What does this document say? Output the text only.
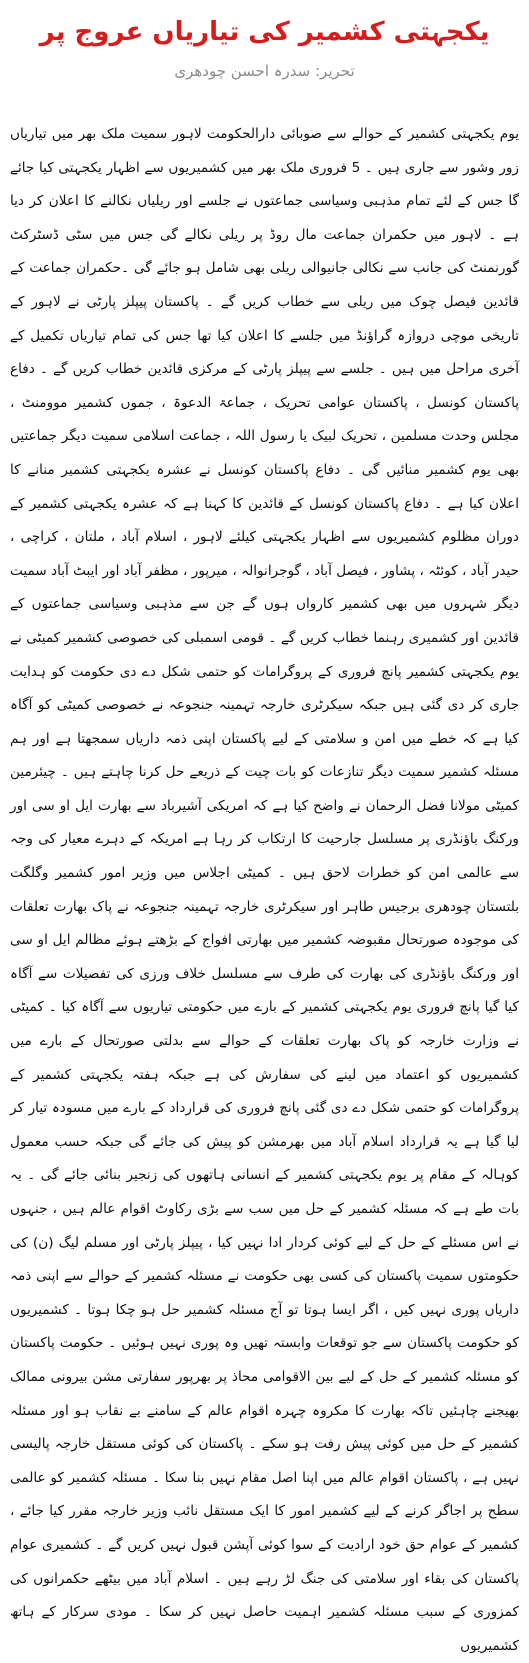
یکجہتی کشمیر کی تیاریاں عروج پر

تحریر: سدرہ احسن چودھری

یوم یکجہتی کشمیر کے حوالے سے صوبائی دارالحکومت لاہور سمیت ملک بھر میں تیاریاں زور وشور سے جاری ہیں ۔ 5 فروری ملک بھر میں کشمیریوں سے اظہار یکجہتی کیا جائے گا جس کے لئے تمام مذہبی وسیاسی جماعتوں نے جلسے اور ریلیاں نکالنے کا اعلان کر دیا ہے ۔ لاہور میں حکمران جماعت مال روڈ پر ریلی نکالے گی جس میں سٹی ڈسٹرکٹ گورنمنٹ کی جانب سے نکالی جانیوالی ریلی بھی شامل ہو جائے گی ۔حکمران جماعت کے قائدین فیصل چوک میں ریلی سے خطاب کریں گے ۔ پاکستان پیپلز پارٹی نے لاہور کے تاریخی موچی دروازہ گراؤنڈ میں جلسے کا اعلان کیا تھا جس کی تمام تیاریاں تکمیل کے آخری مراحل میں ہیں ۔ جلسے سے پیپلز پارٹی کے مرکزی قائدین خطاب کریں گے ۔ دفاع پاکستان کونسل ، پاکستان عوامی تحریک ، جماعۃ الدعوۃ ، جموں کشمیر موومنٹ ، مجلس وحدت مسلمین ، تحریک لبیک یا رسول اللہ ، جماعت اسلامی سمیت دیگر جماعتیں بھی یوم کشمیر منائیں گی ۔ دفاع پاکستان کونسل نے عشرہ یکجہتی کشمیر منانے کا اعلان کیا ہے ۔ دفاع پاکستان کونسل کے قائدین کا کہنا ہے کہ عشرہ یکجہتی کشمیر کے دوران مظلوم کشمیریوں سے اظہار یکجہتی کیلئے لاہور ، اسلام آباد ، ملتان ، کراچی ، حیدر آباد ، کوئٹہ ، پشاور ، فیصل آباد ، گوجرانوالہ ، میرپور ، مظفر آباد اور ایبٹ آباد سمیت دیگر شہروں میں بھی کشمیر کارواں ہوں گے جن سے مذہبی وسیاسی جماعتوں کے قائدین اور کشمیری رہنما خطاب کریں گے ۔ قومی اسمبلی کی خصوصی کشمیر کمیٹی نے یوم یکجہتی کشمیر پانچ فروری کے پروگرامات کو حتمی شکل دے دی حکومت کو ہدایت جاری کر دی گئی ہیں جبکہ سیکرٹری خارجہ تہمینہ جنجوعہ نے خصوصی کمیٹی کو آگاہ کیا ہے کہ خطے میں امن و سلامتی کے لیے پاکستان اپنی ذمہ داریاں سمجھتا ہے اور ہم مسئلہ کشمیر سمیت دیگر تنازعات کو بات چیت کے ذریعے حل کرنا چاہتے ہیں ۔ چیئرمین کمیٹی مولانا فضل الرحمان نے واضح کیا ہے کہ امریکی آشیرباد سے بھارت ایل او سی اور ورکنگ باؤنڈری پر مسلسل جارحیت کا ارتکاب کر رہا ہے امریکہ کے دہرے معیار کی وجہ سے عالمی امن کو خطرات لاحق ہیں ۔ کمیٹی اجلاس میں وزیر امور کشمیر وگلگت بلتستان چودھری برجیس طاہر اور سیکرٹری خارجہ تہمینہ جنجوعہ نے پاک بھارت تعلقات کی موجودہ صورتحال مقبوضہ کشمیر میں بھارتی افواج کے بڑھتے ہوئے مظالم ایل او سی اور ورکنگ باؤنڈری کی بھارت کی طرف سے مسلسل خلاف ورزی کی تفصیلات سے آگاہ کیا گیا پانچ فروری یوم یکجہتی کشمیر کے بارے میں حکومتی تیاریوں سے آگاہ کیا ۔ کمیٹی نے وزارت خارجہ کو پاک بھارت تعلقات کے حوالے سے بدلتی صورتحال کے بارے میں کشمیریوں کو اعتماد میں لینے کی سفارش کی ہے جبکہ ہفتہ یکجہتی کشمیر کے پروگرامات کو حتمی شکل دے دی گئی پانچ فروری کی قرارداد کے بارے میں مسودہ تیار کر لیا گیا ہے یہ قرارداد اسلام آباد میں بھرمشن کو پیش کی جائے گی جبکہ حسب معمول کوہالہ کے مقام پر یوم یکجہتی کشمیر کے انسانی ہاتھوں کی زنجیر بنائی جائے گی ۔ یہ بات طے ہے کہ مسئلہ کشمیر کے حل میں سب سے بڑی رکاوٹ اقوام عالم ہیں ، جنہوں نے اس مسئلے کے حل کے لیے کوئی کردار ادا نہیں کیا ، پیپلز پارٹی اور مسلم لیگ (ن) کی حکومتوں سمیت پاکستان کی کسی بھی حکومت نے مسئلہ کشمیر کے حوالے سے اپنی ذمہ داریاں پوری نہیں کیں ، اگر ایسا ہوتا تو آج مسئلہ کشمیر حل ہو چکا ہوتا ۔ کشمیریوں کو حکومت پاکستان سے جو توقعات وابستہ تھیں وہ پوری نہیں ہوئیں ۔ حکومت پاکستان کو مسئلہ کشمیر کے حل کے لیے بین الاقوامی محاذ پر بھرپور سفارتی مشن بیرونی ممالک بھیجنے چاہئیں تاکہ بھارت کا مکروہ چہرہ اقوام عالم کے سامنے بے نقاب ہو اور مسئلہ کشمیر کے حل میں کوئی پیش رفت ہو سکے ۔ پاکستان کی کوئی مستقل خارجہ پالیسی نہیں ہے ، پاکستان اقوام عالم میں اپنا اصل مقام نہیں بنا سکا ۔ مسئلہ کشمیر کو عالمی سطح پر اجاگر کرنے کے لیے کشمیر امور کا ایک مستقل نائب وزیر خارجہ مقرر کیا جائے ، کشمیر کے عوام حق خود ارادیت کے سوا کوئی آپشن قبول نہیں کریں گے ۔ کشمیری عوام پاکستان کی بقاء اور سلامتی کی جنگ لڑ رہے ہیں ۔ اسلام آباد میں بیٹھے حکمرانوں کی کمزوری کے سبب مسئلہ کشمیر اہمیت حاصل نہیں کر سکا ۔ مودی سرکار کے ہاتھ کشمیریوں
